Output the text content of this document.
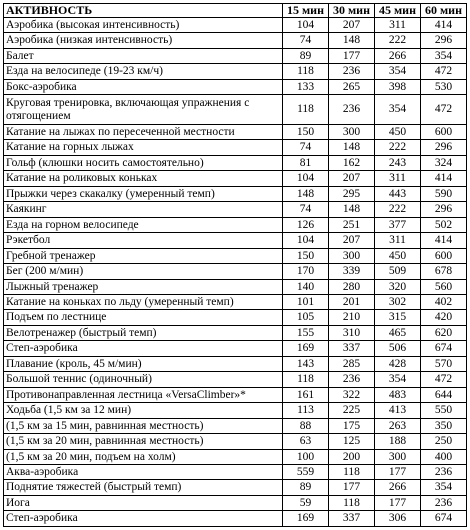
АКТИВНОСТЬ	15 мин	30 мин	45 мин	60 мин
Аэробика (высокая интенсивность)	104	207	311	414
Аэробика (низкая интенсивность)	74	148	222	296
Балет	89	177	266	354
Езда на велосипеде (19-23 км/ч)	118	236	354	472
Бокс-аэробика	133	265	398	530
Круговая тренировка, включающая упражнения с отягощением	118	236	354	472
Катание на лыжах по пересеченной местности	150	300	450	600
Катание на горных лыжах	74	148	222	296
Гольф (клюшки носить самостоятельно)	81	162	243	324
Катание на роликовых коньках	104	207	311	414
Прыжки через скакалку (умеренный темп)	148	295	443	590
Каякинг	74	148	222	296
Езда на горном велосипеде	126	251	377	502
Рэкетбол	104	207	311	414
Гребной тренажер	150	300	450	600
Бег (200 м/мин)	170	339	509	678
Лыжный тренажер	140	280	320	560
Катание на коньках по льду (умеренный темп)	101	201	302	402
Подъем по лестнице	105	210	315	420
Велотренажер (быстрый темп)	155	310	465	620
Степ-аэробика	169	337	506	674
Плавание (кроль, 45 м/мин)	143	285	428	570
Большой теннис (одиночный)	118	236	354	472
Противонаправленная лестница «VersaClimber»*	161	322	483	644
Ходьба (1,5 км за 12 мин)	113	225	413	550
(1,5 км за 15 мин, равнинная местность)	88	175	263	350
(1,5 км за 20 мин, равнинная местность)	63	125	188	250
(1,5 км за 20 мин, подъем на холм)	100	200	300	400
Аква-аэробика	559	118	177	236
Поднятие тяжестей (быстрый темп)	89	177	266	354
Иога	59	118	177	236
Степ-аэробика	169	337	306	674
